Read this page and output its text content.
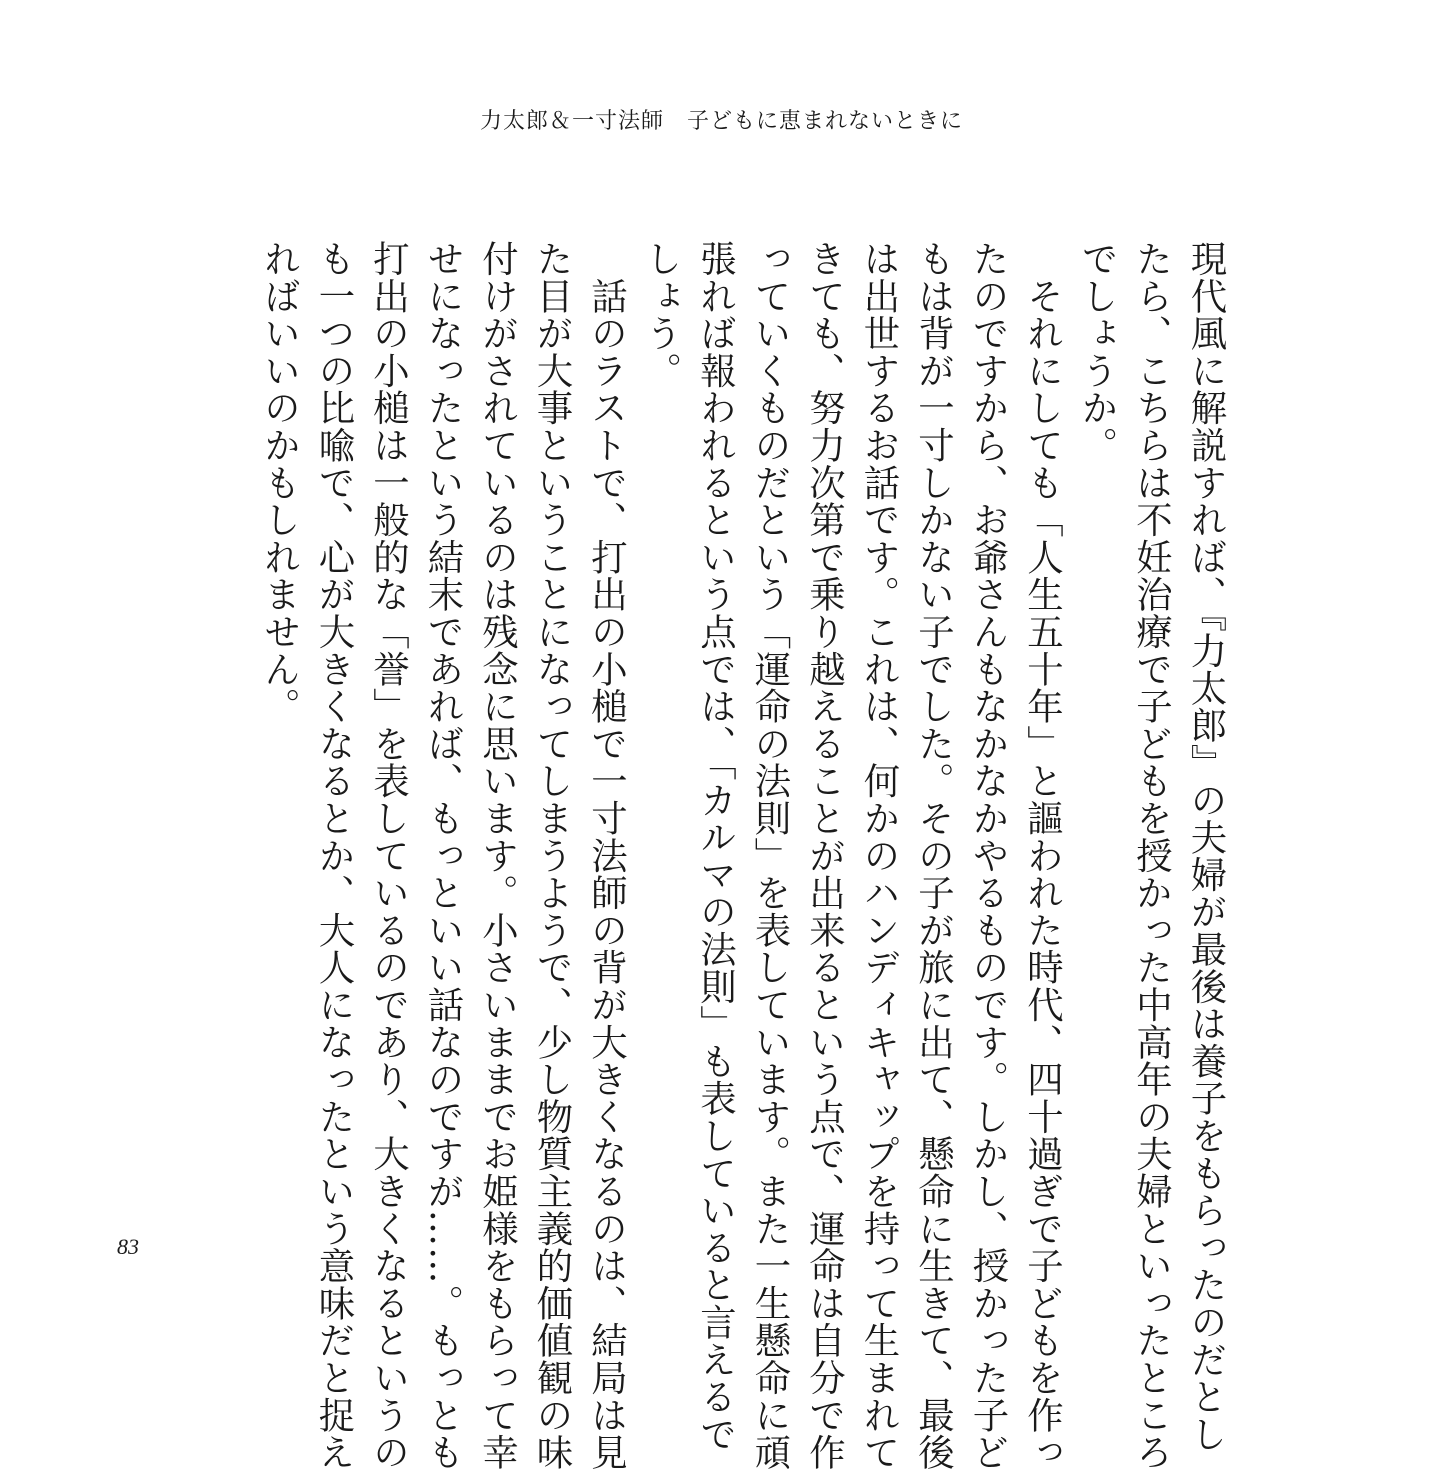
力太郎＆一寸法師　子どもに恵まれないときに
現代風に解説すれば、『力太郎』の夫婦が最後は養子をもらったのだとし
たら、こちらは不妊治療で子どもを授かった中高年の夫婦といったところ
でしょうか。
　それにしても「人生五十年」と謳われた時代、四十過ぎで子どもを作っ
たのですから、お爺さんもなかなかやるものです。しかし、授かった子ど
もは背が一寸しかない子でした。その子が旅に出て、懸命に生きて、最後
は出世するお話です。これは、何かのハンディキャップを持って生まれて
きても、努力次第で乗り越えることが出来るという点で、運命は自分で作
っていくものだという「運命の法則」を表しています。また一生懸命に頑
張れば報われるという点では、「カルマの法則」も表していると言えるで
しょう。
　話のラストで、打出の小槌で一寸法師の背が大きくなるのは、結局は見
た目が大事ということになってしまうようで、少し物質主義的価値観の味
付けがされているのは残念に思います。小さいままでお姫様をもらって幸
せになったという結末であれば、もっといい話なのですが……。もっとも
打出の小槌は一般的な「誉」を表しているのであり、大きくなるというの
も一つの比喩で、心が大きくなるとか、大人になったという意味だと捉え
ればいいのかもしれません。
83
